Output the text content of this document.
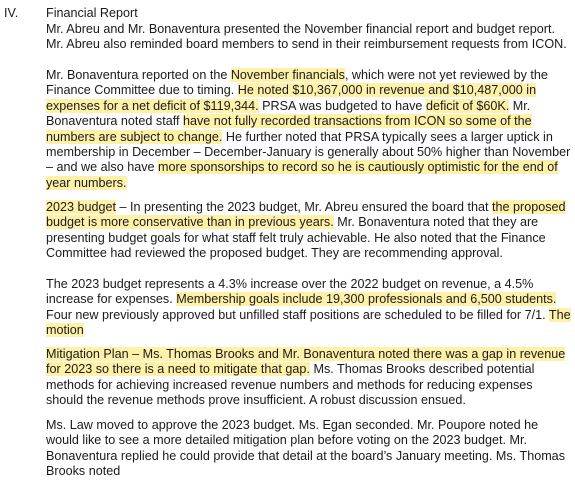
IV. Financial Report

Mr. Abreu and Mr. Bonaventura presented the November financial report and budget report. Mr. Abreu also reminded board members to send in their reimbursement requests from ICON.

Mr. Bonaventura reported on the November financials, which were not yet reviewed by the Finance Committee due to timing. He noted $10,367,000 in revenue and $10,487,000 in expenses for a net deficit of $119,344. PRSA was budgeted to have deficit of $60K. Mr. Bonaventura noted staff have not fully recorded transactions from ICON so some of the numbers are subject to change. He further noted that PRSA typically sees a larger uptick in membership in December – December-January is generally about 50% higher than November – and we also have more sponsorships to record so he is cautiously optimistic for the end of year numbers.

2023 budget – In presenting the 2023 budget, Mr. Abreu ensured the board that the proposed budget is more conservative than in previous years. Mr. Bonaventura noted that they are presenting budget goals for what staff felt truly achievable. He also noted that the Finance Committee had reviewed the proposed budget. They are recommending approval.

The 2023 budget represents a 4.3% increase over the 2022 budget on revenue, a 4.5% increase for expenses. Membership goals include 19,300 professionals and 6,500 students. Four new previously approved but unfilled staff positions are scheduled to be filled for 7/1. The motion

Mitigation Plan – Ms. Thomas Brooks and Mr. Bonaventura noted there was a gap in revenue for 2023 so there is a need to mitigate that gap. Ms. Thomas Brooks described potential methods for achieving increased revenue numbers and methods for reducing expenses should the revenue methods prove insufficient. A robust discussion ensued.

Ms. Law moved to approve the 2023 budget. Ms. Egan seconded. Mr. Poupore noted he would like to see a more detailed mitigation plan before voting on the 2023 budget. Mr. Bonaventura replied he could provide that detail at the board’s January meeting. Ms. Thomas Brooks noted
